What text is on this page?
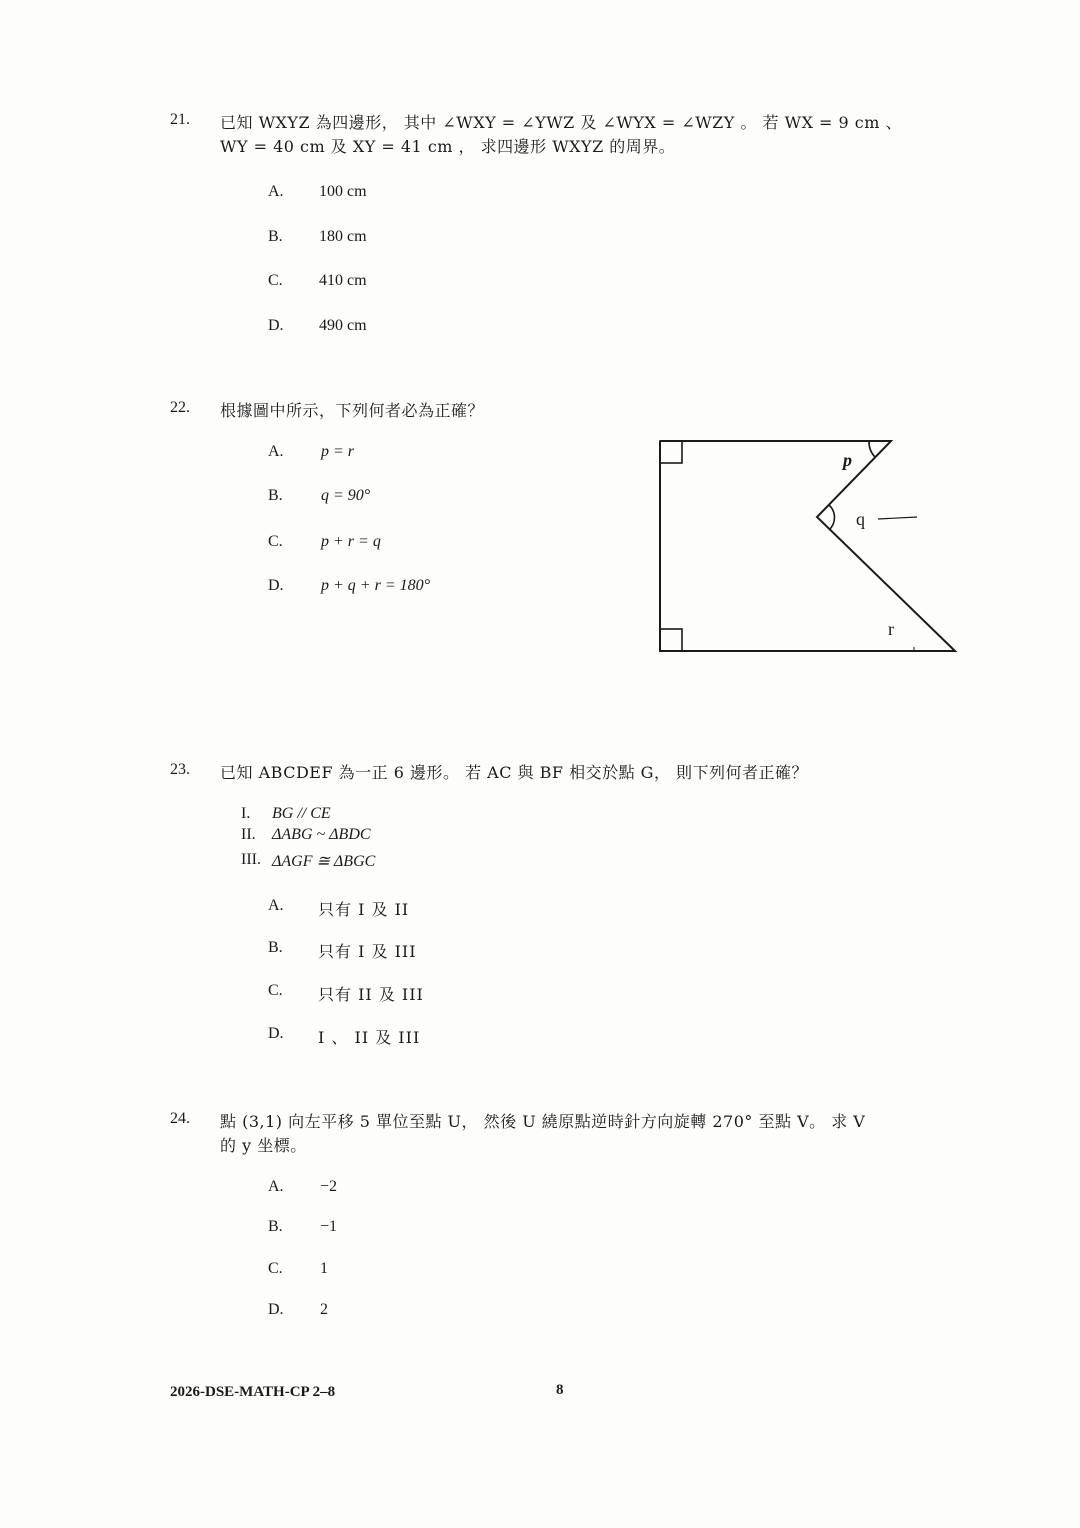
21. 已知 WXYZ 為四邊形， 其中 ∠WXY = ∠YWZ 及 ∠WYX = ∠WZY 。 若 WX = 9 cm 、
WY = 40 cm 及 XY = 41 cm ， 求四邊形 WXYZ 的周界。
A. 100 cm
B. 180 cm
C. 410 cm
D. 490 cm
22. 根據圖中所示，下列何者必為正確？
A. p = r
B. q = 90°
C. p + r = q
D. p + q + r = 180°
p
q
r
23. 已知 ABCDEF 為一正 6 邊形。 若 AC 與 BF 相交於點 G， 則下列何者正確？
I. BG // CE
II. ΔABG ~ ΔBDC
III. ΔAGF ≅ ΔBGC
A. 只有 I 及 II
B. 只有 I 及 III
C. 只有 II 及 III
D. I 、 II 及 III
24. 點 (3,1) 向左平移 5 單位至點 U， 然後 U 繞原點逆時針方向旋轉 270° 至點 V。 求 V
的 y 坐標。
A. −2
B. −1
C. 1
D. 2
2026-DSE-MATH-CP 2–8	8
